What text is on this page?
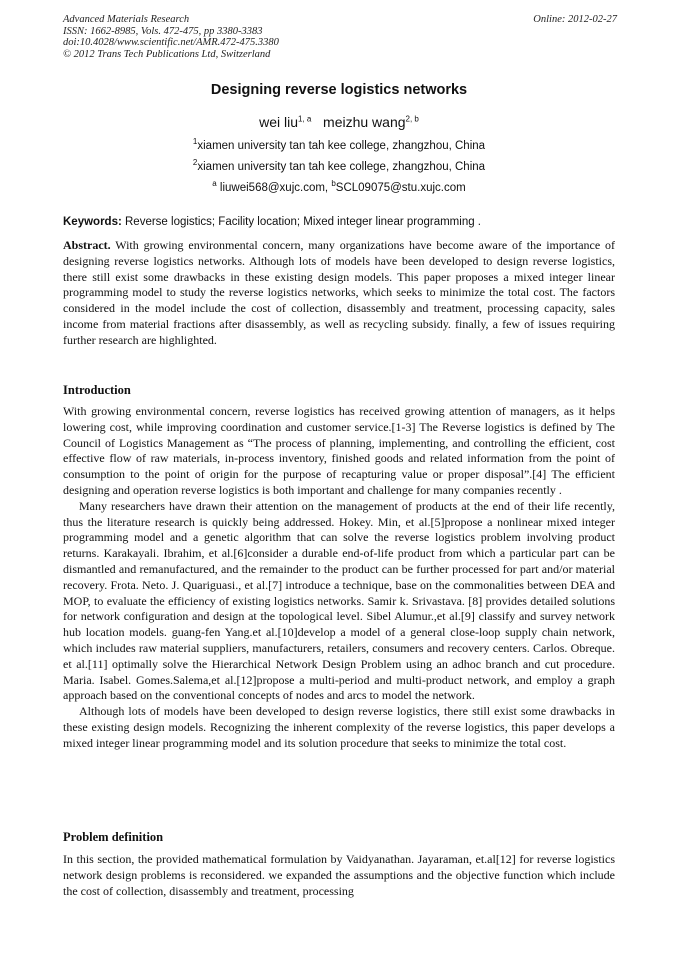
Advanced Materials Research
ISSN: 1662-8985, Vols. 472-475, pp 3380-3383
doi:10.4028/www.scientific.net/AMR.472-475.3380
© 2012 Trans Tech Publications Ltd, Switzerland
Online: 2012-02-27
Designing reverse logistics networks
wei liu$^{1, a}$ meizhu wang$^{2, b}$
$^1$xiamen university tan tah kee college, zhangzhou, China
$^2$xiamen university tan tah kee college, zhangzhou, China
$^a$ liuwei568@xujc.com, $^b$SCL09075@stu.xujc.com
Keywords: Reverse logistics; Facility location; Mixed integer linear programming .

Abstract. With growing environmental concern, many organizations have become aware of the importance of designing reverse logistics networks. Although lots of models have been developed to design reverse logistics, there still exist some drawbacks in these existing design models. This paper proposes a mixed integer linear programming model to study the reverse logistics networks, which seeks to minimize the total cost. The factors considered in the model include the cost of collection, disassembly and treatment, processing capacity, sales income from material fractions after disassembly, as well as recycling subsidy. finally, a few of issues requiring further research are highlighted.

Introduction

With growing environmental concern, reverse logistics has received growing attention of managers, as it helps lowering cost, while improving coordination and customer service.[1-3] The Reverse logistics is defined by The Council of Logistics Management as “The process of planning, implementing, and controlling the efficient, cost effective flow of raw materials, in-process inventory, finished goods and related information from the point of consumption to the point of origin for the purpose of recapturing value or proper disposal”.[4] The efficient designing and operation reverse logistics is both important and challenge for many companies recently .

Many researchers have drawn their attention on the management of products at the end of their life recently, thus the literature research is quickly being addressed. Hokey. Min, et al.[5]propose a nonlinear mixed integer programming model and a genetic algorithm that can solve the reverse logistics problem involving product returns. Karakayali. Ibrahim, et al.[6]consider a durable end-of-life product from which a particular part can be dismantled and remanufactured, and the remainder to the product can be further processed for part and/or material recovery. Frota. Neto. J. Quariguasi., et al.[7] introduce a technique, base on the commonalities between DEA and MOP, to evaluate the efficiency of existing logistics networks. Samir k. Srivastava. [8] provides detailed solutions for network configuration and design at the topological level. Sibel Alumur.,et al.[9] classify and survey network hub location models. guang-fen Yang.et al.[10]develop a model of a general close-loop supply chain network, which includes raw material suppliers, manufacturers, retailers, consumers and recovery centers. Carlos. Obreque. et al.[11] optimally solve the Hierarchical Network Design Problem using an adhoc branch and cut procedure. Maria. Isabel. Gomes.Salema,et al.[12]propose a multi-period and multi-product network, and employ a graph approach based on the conventional concepts of nodes and arcs to model the network.

Although lots of models have been developed to design reverse logistics, there still exist some drawbacks in these existing design models. Recognizing the inherent complexity of the reverse logistics, this paper develops a mixed integer linear programming model and its solution procedure that seeks to minimize the total cost.

Problem definition

In this section, the provided mathematical formulation by Vaidyanathan. Jayaraman, et.al[12] for reverse logistics network design problems is reconsidered. we expanded the assumptions and the objective function which include the cost of collection, disassembly and treatment, processing
